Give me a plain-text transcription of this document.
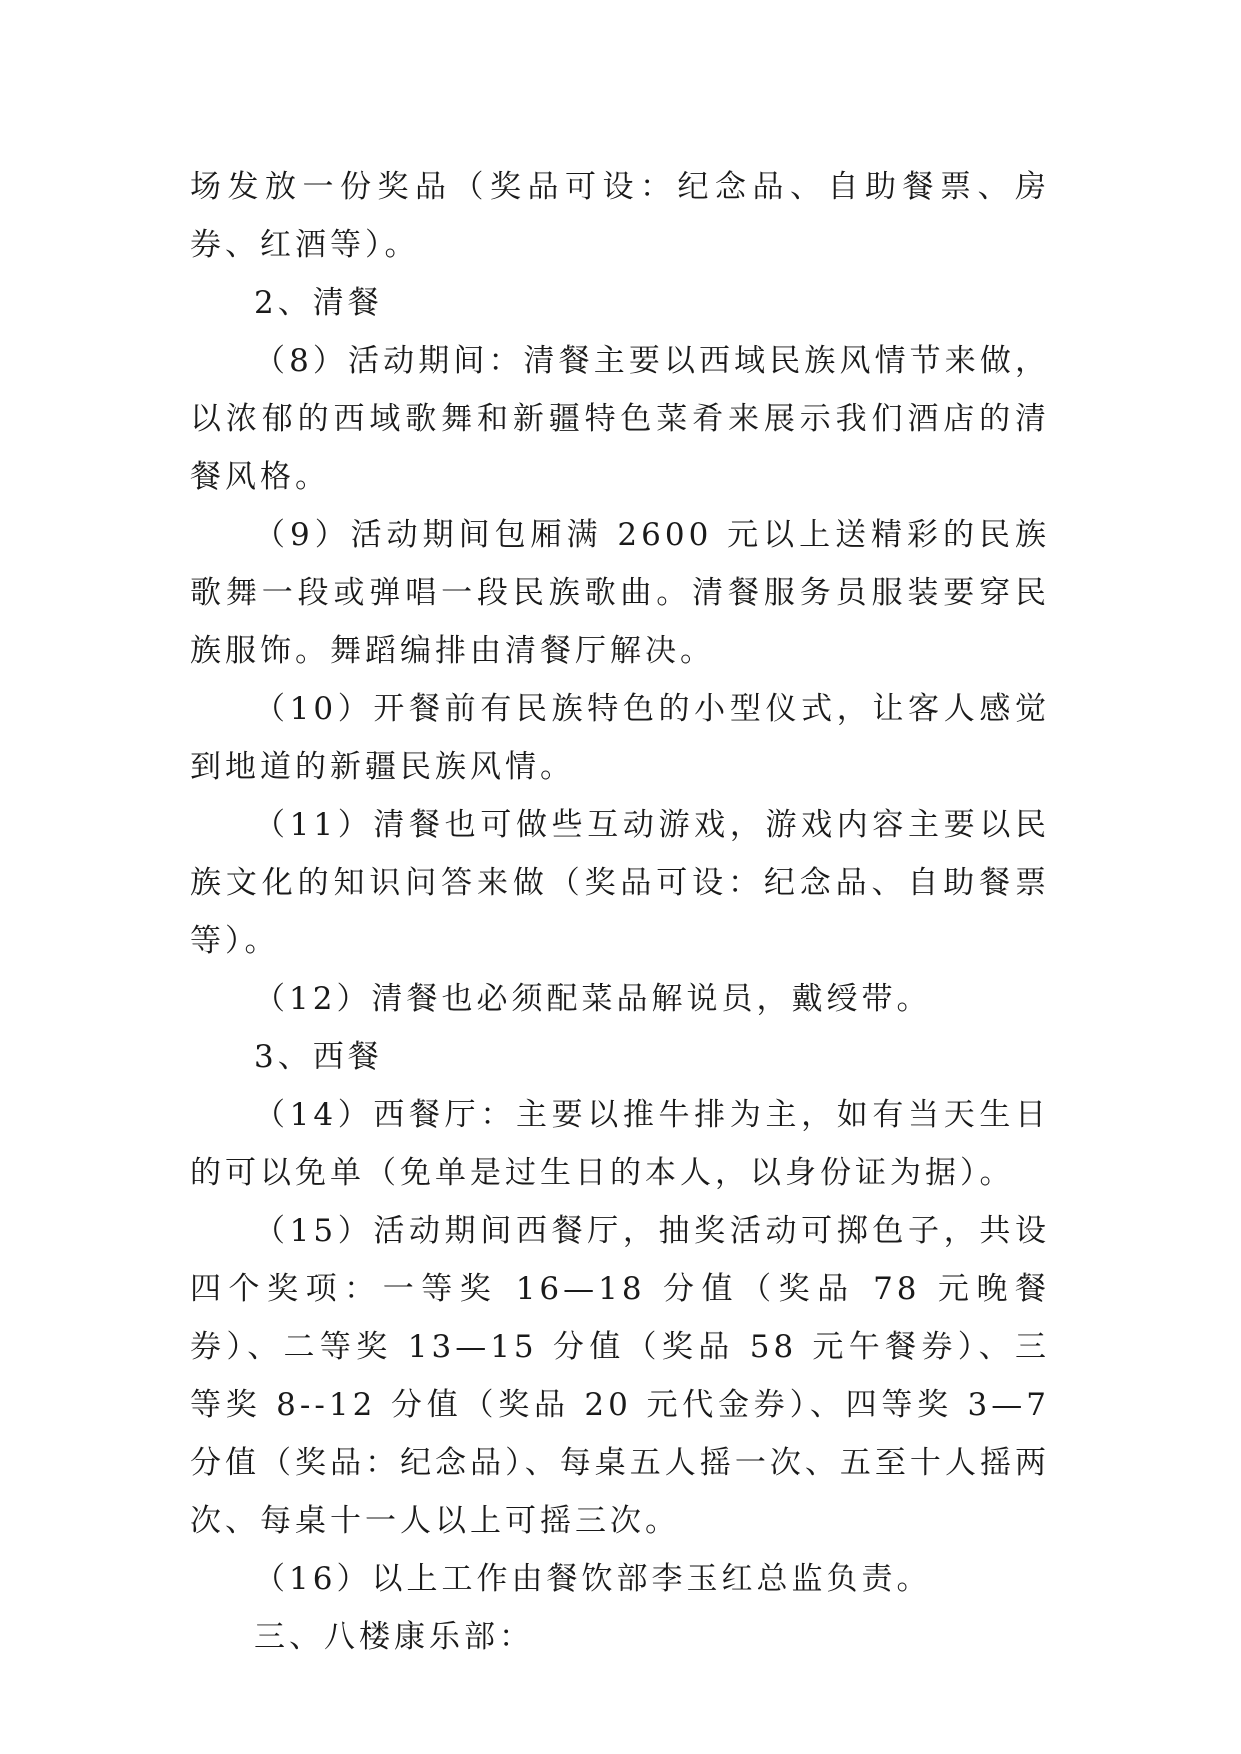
场发放一份奖品（奖品可设：纪念品、自助餐票、房券、红酒等）。

2、清餐

（8）活动期间：清餐主要以西域民族风情节来做，以浓郁的西域歌舞和新疆特色菜肴来展示我们酒店的清餐风格。

（9）活动期间包厢满 2600 元以上送精彩的民族歌舞一段或弹唱一段民族歌曲。清餐服务员服装要穿民族服饰。舞蹈编排由清餐厅解决。

（10）开餐前有民族特色的小型仪式，让客人感觉到地道的新疆民族风情。

（11）清餐也可做些互动游戏，游戏内容主要以民族文化的知识问答来做（奖品可设：纪念品、自助餐票等）。

（12）清餐也必须配菜品解说员，戴绶带。

3、西餐

（14）西餐厅：主要以推牛排为主，如有当天生日的可以免单（免单是过生日的本人，以身份证为据）。

（15）活动期间西餐厅，抽奖活动可掷色子，共设四个奖项：一等奖 16—18 分值（奖品 78 元晚餐券）、二等奖 13—15 分值（奖品 58 元午餐券）、三等奖 8--12 分值（奖品 20 元代金券）、四等奖 3—7 分值（奖品：纪念品）、每桌五人摇一次、五至十人摇两次、每桌十一人以上可摇三次。

（16）以上工作由餐饮部李玉红总监负责。

三、八楼康乐部：
